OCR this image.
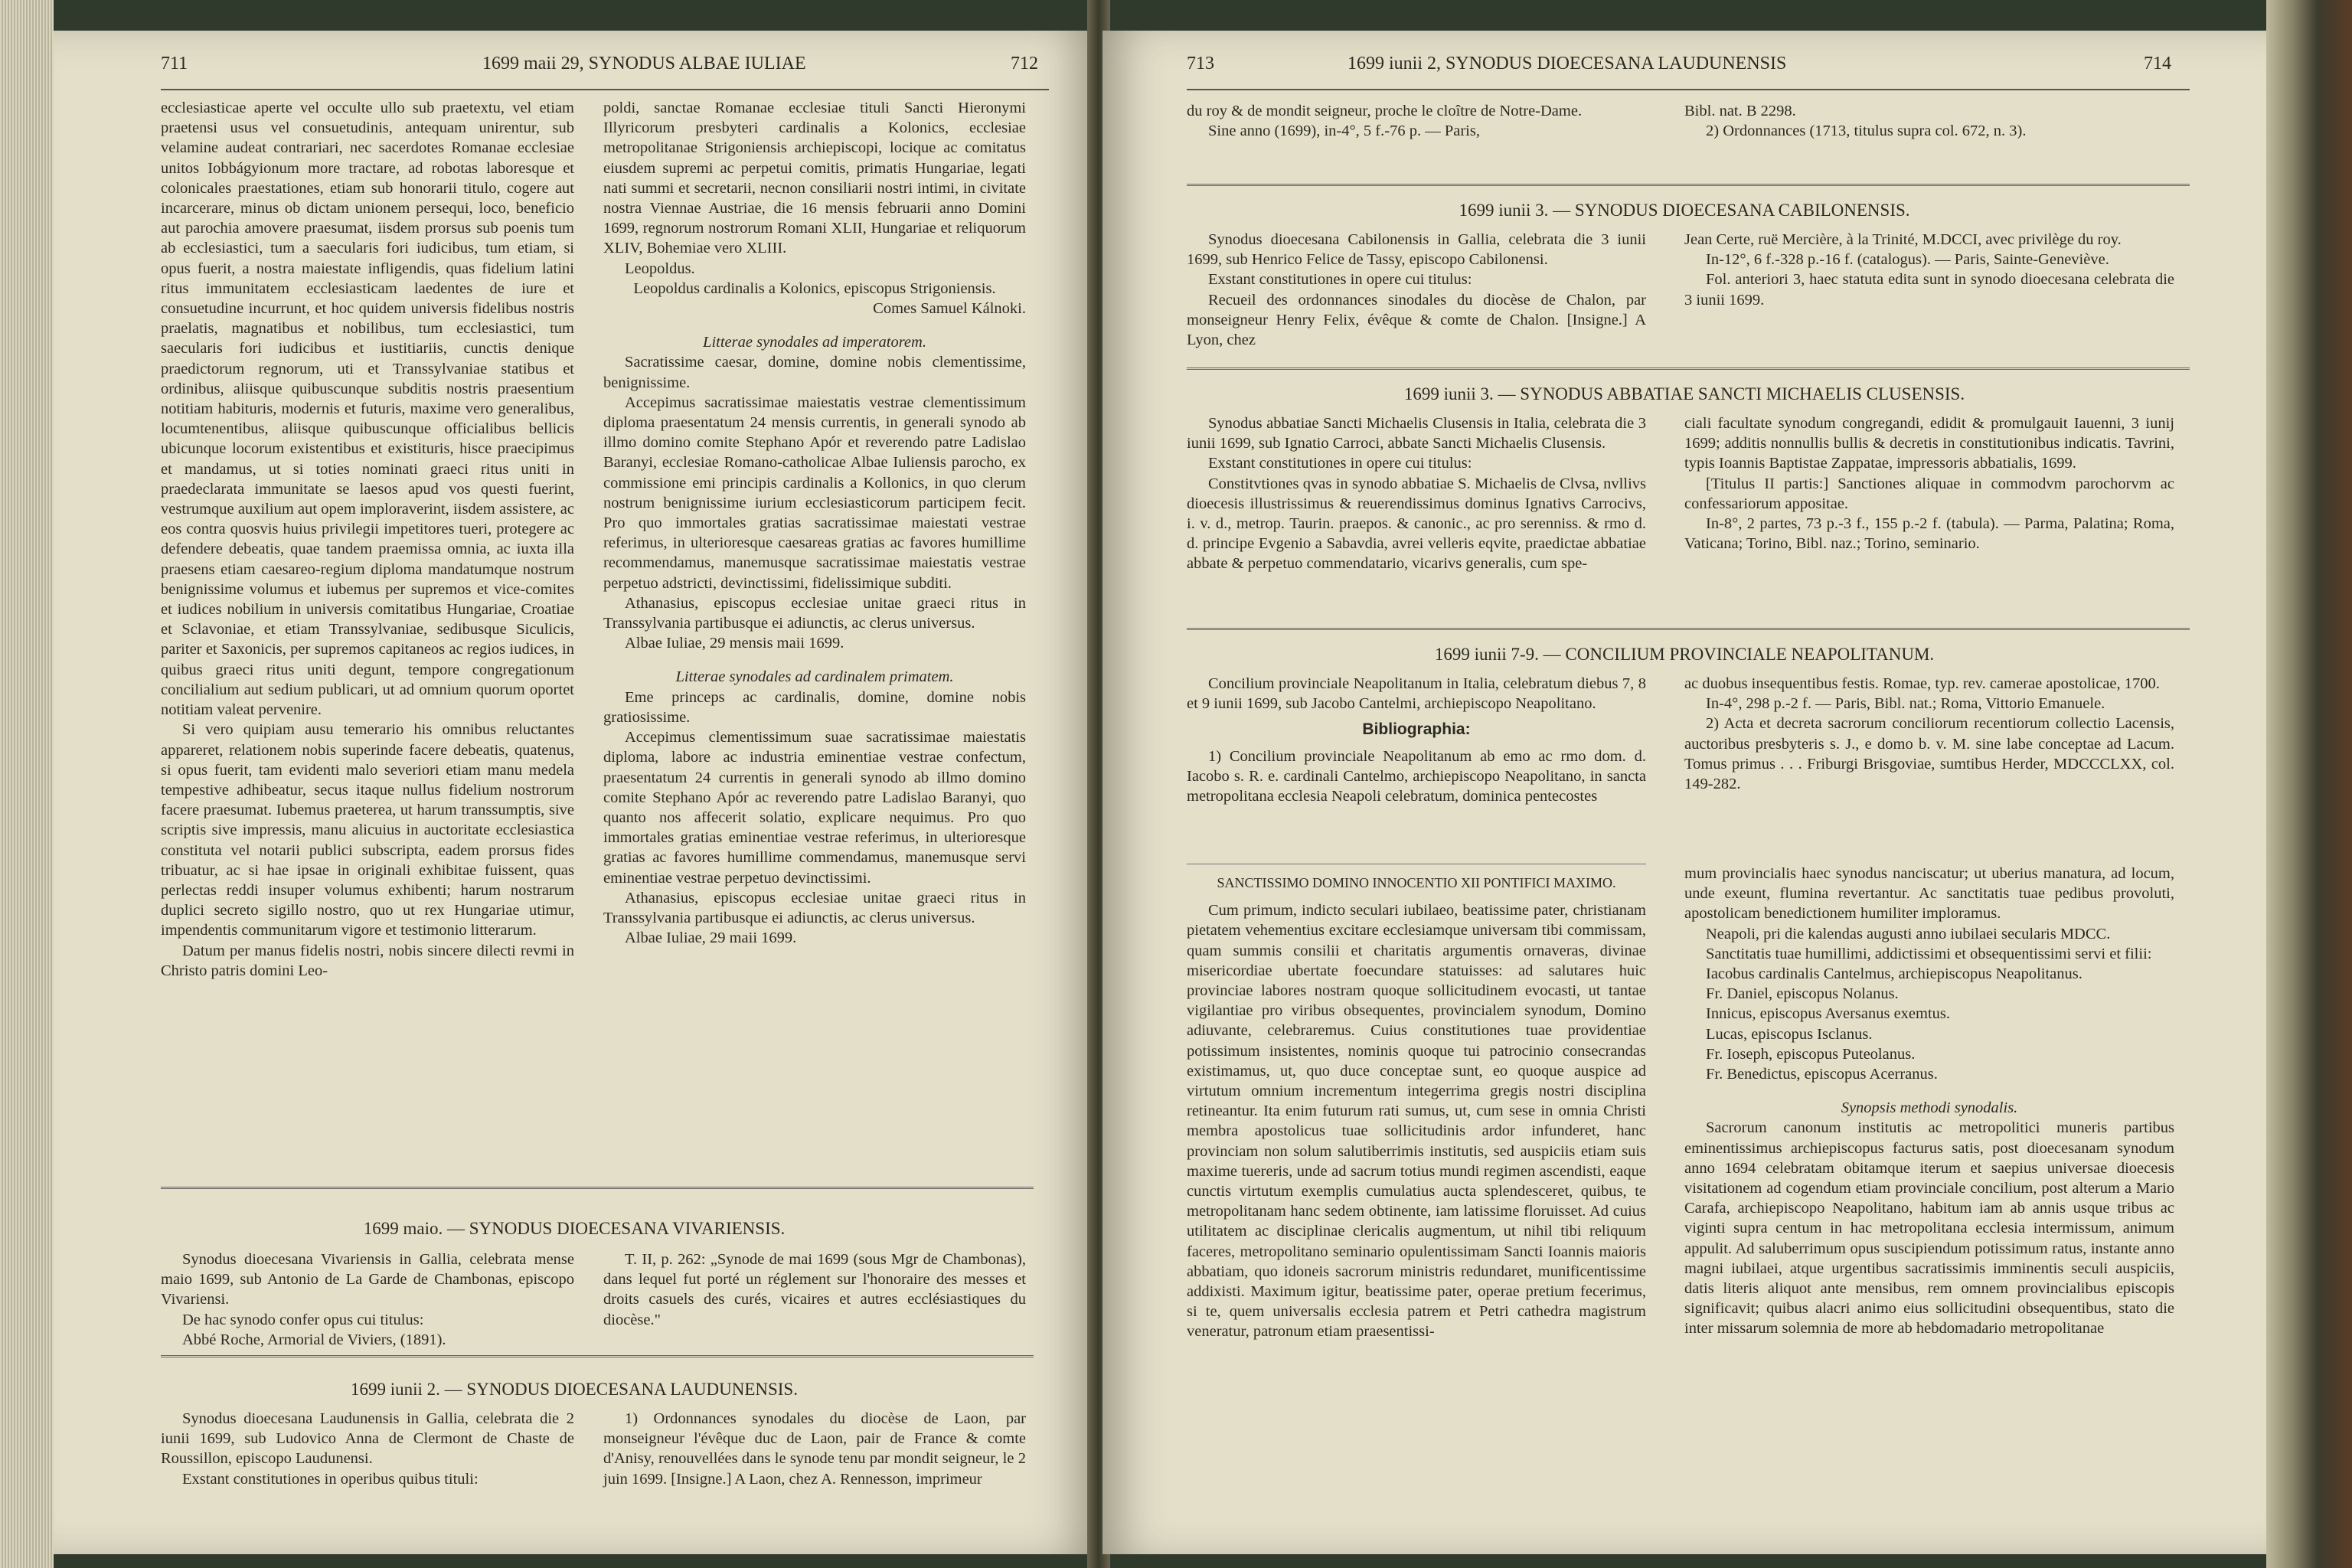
711	1699 maii 29, SYNODUS ALBAE IULIAE	712

ecclesiasticae aperte vel occulte ullo sub praetextu, vel etiam praetensi usus vel consuetudinis, antequam unirentur, sub velamine audeat contrariari, nec sacerdotes Romanae ecclesiae unitos Iobbágyionum more tractare, ad robotas laboresque et colonicales praestationes, etiam sub honorarii titulo, cogere aut incarcerare, minus ob dictam unionem persequi, loco, beneficio aut parochia amovere praesumat, iisdem prorsus sub poenis tum ab ecclesiastici, tum a saecularis fori iudicibus, tum etiam, si opus fuerit, a nostra maiestate infligendis, quas fidelium latini ritus immunitatem ecclesiasticam laedentes de iure et consuetudine incurrunt, et hoc quidem universis fidelibus nostris praelatis, magnatibus et nobilibus, tum ecclesiastici, tum saecularis fori iudicibus et iustitiariis, cunctis denique praedictorum regnorum, uti et Transsylvaniae statibus et ordinibus, aliisque quibuscunque subditis nostris praesentium notitiam habituris, modernis et futuris, maxime vero generalibus, locumtenentibus, aliisque quibuscunque officialibus bellicis ubicunque locorum existentibus et existituris, hisce praecipimus et mandamus, ut si toties nominati graeci ritus uniti in praedeclarata immunitate se laesos apud vos questi fuerint, vestrumque auxilium aut opem imploraverint, iisdem assistere, ac eos contra quosvis huius privilegii impetitores tueri, protegere ac defendere debeatis, quae tandem praemissa omnia, ac iuxta illa praesens etiam caesareo-regium diploma mandatumque nostrum benignissime volumus et iubemus per supremos et vice-comites et iudices nobilium in universis comitatibus Hungariae, Croatiae et Sclavoniae, et etiam Transsylvaniae, sedibusque Siculicis, pariter et Saxonicis, per supremos capitaneos ac regios iudices, in quibus graeci ritus uniti degunt, tempore congregationum concilialium aut sedium publicari, ut ad omnium quorum oportet notitiam valeat pervenire.

Si vero quipiam ausu temerario his omnibus reluctantes appareret, relationem nobis superinde facere debeatis, quatenus, si opus fuerit, tam evidenti malo severiori etiam manu medela tempestive adhibeatur, secus itaque nullus fidelium nostrorum facere praesumat. Iubemus praeterea, ut harum transsumptis, sive scriptis sive impressis, manu alicuius in auctoritate ecclesiastica constituta vel notarii publici subscripta, eadem prorsus fides tribuatur, ac si hae ipsae in originali exhibitae fuissent, quas perlectas reddi insuper volumus exhibenti; harum nostrarum duplici secreto sigillo nostro, quo ut rex Hungariae utimur, impendentis communitarum vigore et testimonio litterarum.

Datum per manus fidelis nostri, nobis sincere dilecti revmi in Christo patris domini Leo-

poldi, sanctae Romanae ecclesiae tituli Sancti Hieronymi Illyricorum presbyteri cardinalis a Kolonics, ecclesiae metropolitanae Strigoniensis archiepiscopi, locique ac comitatus eiusdem supremi ac perpetui comitis, primatis Hungariae, legati nati summi et secretarii, necnon consiliarii nostri intimi, in civitate nostra Viennae Austriae, die 16 mensis februarii anno Domini 1699, regnorum nostrorum Romani XLII, Hungariae et reliquorum XLIV, Bohemiae vero XLIII.

Leopoldus.

Leopoldus cardinalis a Kolonics, episcopus Strigoniensis.

Comes Samuel Kálnoki.

Litterae synodales ad imperatorem.

Sacratissime caesar, domine, domine nobis clementissime, benignissime.

Accepimus sacratissimae maiestatis vestrae clementissimum diploma praesentatum 24 mensis currentis, in generali synodo ab illmo domino comite Stephano Apór et reverendo patre Ladislao Baranyi, ecclesiae Romano-catholicae Albae Iuliensis parocho, ex commissione emi principis cardinalis a Kollonics, in quo clerum nostrum benignissime iurium ecclesiasticorum participem fecit. Pro quo immortales gratias sacratissimae maiestati vestrae referimus, in ulterioresque caesareas gratias ac favores humillime recommendamus, manemusque sacratissimae maiestatis vestrae perpetuo adstricti, devinctissimi, fidelissimique subditi.

Athanasius, episcopus ecclesiae unitae graeci ritus in Transsylvania partibusque ei adiunctis, ac clerus universus.

Albae Iuliae, 29 mensis maii 1699.

Litterae synodales ad cardinalem primatem.

Eme princeps ac cardinalis, domine, domine nobis gratiosissime.

Accepimus clementissimum suae sacratissimae maiestatis diploma, labore ac industria eminentiae vestrae confectum, praesentatum 24 currentis in generali synodo ab illmo domino comite Stephano Apór ac reverendo patre Ladislao Baranyi, quo quanto nos affecerit solatio, explicare nequimus. Pro quo immortales gratias eminentiae vestrae referimus, in ulterioresque gratias ac favores humillime commendamus, manemusque servi eminentiae vestrae perpetuo devinctissimi.

Athanasius, episcopus ecclesiae unitae graeci ritus in Transsylvania partibusque ei adiunctis, ac clerus universus.

Albae Iuliae, 29 maii 1699.

1699 maio. — SYNODUS DIOECESANA VIVARIENSIS.

Synodus dioecesana Vivariensis in Gallia, celebrata mense maio 1699, sub Antonio de La Garde de Chambonas, episcopo Vivariensi.

De hac synodo confer opus cui titulus:

Abbé Roche, Armorial de Viviers, (1891).

T. II, p. 262: „Synode de mai 1699 (sous Mgr de Chambonas), dans lequel fut porté un réglement sur l'honoraire des messes et droits casuels des curés, vicaires et autres ecclésiastiques du diocèse."

1699 iunii 2. — SYNODUS DIOECESANA LAUDUNENSIS.

Synodus dioecesana Laudunensis in Gallia, celebrata die 2 iunii 1699, sub Ludovico Anna de Clermont de Chaste de Roussillon, episcopo Laudunensi.

Exstant constitutiones in operibus quibus tituli:

1) Ordonnances synodales du diocèse de Laon, par monseigneur l'évêque duc de Laon, pair de France & comte d'Anisy, renouvellées dans le synode tenu par mondit seigneur, le 2 juin 1699. [Insigne.] A Laon, chez A. Rennesson, imprimeur

713	1699 iunii 2, SYNODUS DIOECESANA LAUDUNENSIS	714

du roy & de mondit seigneur, proche le cloître de Notre-Dame.

Sine anno (1699), in-4°, 5 f.-76 p. — Paris,

Bibl. nat. B 2298.

2) Ordonnances (1713, titulus supra col. 672, n. 3).

1699 iunii 3. — SYNODUS DIOECESANA CABILONENSIS.

Synodus dioecesana Cabilonensis in Gallia, celebrata die 3 iunii 1699, sub Henrico Felice de Tassy, episcopo Cabilonensi.

Exstant constitutiones in opere cui titulus:

Recueil des ordonnances sinodales du diocèse de Chalon, par monseigneur Henry Felix, évêque & comte de Chalon. [Insigne.] A Lyon, chez

Jean Certe, ruë Mercière, à la Trinité, M.DCCI, avec privilège du roy.

In-12°, 6 f.-328 p.-16 f. (catalogus). — Paris, Sainte-Geneviève.

Fol. anteriori 3, haec statuta edita sunt in synodo dioecesana celebrata die 3 iunii 1699.

1699 iunii 3. — SYNODUS ABBATIAE SANCTI MICHAELIS CLUSENSIS.

Synodus abbatiae Sancti Michaelis Clusensis in Italia, celebrata die 3 iunii 1699, sub Ignatio Carroci, abbate Sancti Michaelis Clusensis.

Exstant constitutiones in opere cui titulus:

Constitvtiones qvas in synodo abbatiae S. Michaelis de Clvsa, nvllivs dioecesis illustrissimus & reuerendissimus dominus Ignativs Carrocivs, i. v. d., metrop. Taurin. praepos. & canonic., ac pro serenniss. & rmo d. d. principe Evgenio a Sabavdia, avrei velleris eqvite, praedictae abbatiae abbate & perpetuo commendatario, vicarivs generalis, cum spe-

ciali facultate synodum congregandi, edidit & promulgauit Iauenni, 3 iunij 1699; additis nonnullis bullis & decretis in constitutionibus indicatis. Tavrini, typis Ioannis Baptistae Zappatae, impressoris abbatialis, 1699.

[Titulus II partis:] Sanctiones aliquae in commodvm parochorvm ac confessariorum appositae.

In-8°, 2 partes, 73 p.-3 f., 155 p.-2 f. (tabula). — Parma, Palatina; Roma, Vaticana; Torino, Bibl. naz.; Torino, seminario.

1699 iunii 7-9. — CONCILIUM PROVINCIALE NEAPOLITANUM.

Concilium provinciale Neapolitanum in Italia, celebratum diebus 7, 8 et 9 iunii 1699, sub Jacobo Cantelmi, archiepiscopo Neapolitano.

Bibliographia:

1) Concilium provinciale Neapolitanum ab emo ac rmo dom. d. Iacobo s. R. e. cardinali Cantelmo, archiepiscopo Neapolitano, in sancta metropolitana ecclesia Neapoli celebratum, dominica pentecostes

ac duobus insequentibus festis. Romae, typ. rev. camerae apostolicae, 1700.

In-4°, 298 p.-2 f. — Paris, Bibl. nat.; Roma, Vittorio Emanuele.

2) Acta et decreta sacrorum conciliorum recentiorum collectio Lacensis, auctoribus presbyteris s. J., e domo b. v. M. sine labe conceptae ad Lacum. Tomus primus . . . Friburgi Brisgoviae, sumtibus Herder, MDCCCLXX, col. 149-282.

SANCTISSIMO DOMINO INNOCENTIO XII PONTIFICI MAXIMO.

Cum primum, indicto seculari iubilaeo, beatissime pater, christianam pietatem vehementius excitare ecclesiamque universam tibi commissam, quam summis consilii et charitatis argumentis ornaveras, divinae misericordiae ubertate foecundare statuisses: ad salutares huic provinciae labores nostram quoque sollicitudinem evocasti, ut tantae vigilantiae pro viribus obsequentes, provincialem synodum, Domino adiuvante, celebraremus. Cuius constitutiones tuae providentiae potissimum insistentes, nominis quoque tui patrocinio consecrandas existimamus, ut, quo duce conceptae sunt, eo quoque auspice ad virtutum omnium incrementum integerrima gregis nostri disciplina retineantur. Ita enim futurum rati sumus, ut, cum sese in omnia Christi membra apostolicus tuae sollicitudinis ardor infunderet, hanc provinciam non solum salutiberrimis institutis, sed auspiciis etiam suis maxime tuereris, unde ad sacrum totius mundi regimen ascendisti, eaque cunctis virtutum exemplis cumulatius aucta splendesceret, quibus, te metropolitanam hanc sedem obtinente, iam latissime floruisset. Ad cuius utilitatem ac disciplinae clericalis augmentum, ut nihil tibi reliquum faceres, metropolitano seminario opulentissimam Sancti Ioannis maioris abbatiam, quo idoneis sacrorum ministris redundaret, munificentissime addixisti. Maximum igitur, beatissime pater, operae pretium fecerimus, si te, quem universalis ecclesia patrem et Petri cathedra magistrum veneratur, patronum etiam praesentissi-

mum provincialis haec synodus nanciscatur; ut uberius manatura, ad locum, unde exeunt, flumina revertantur. Ac sanctitatis tuae pedibus provoluti, apostolicam benedictionem humiliter imploramus.

Neapoli, pri die kalendas augusti anno iubilaei secularis MDCC.

Sanctitatis tuae humillimi, addictissimi et obsequentissimi servi et filii:

Iacobus cardinalis Cantelmus, archiepiscopus Neapolitanus.

Fr. Daniel, episcopus Nolanus.

Innicus, episcopus Aversanus exemtus.

Lucas, episcopus Isclanus.

Fr. Ioseph, episcopus Puteolanus.

Fr. Benedictus, episcopus Acerranus.

Synopsis methodi synodalis.

Sacrorum canonum institutis ac metropolitici muneris partibus eminentissimus archiepiscopus facturus satis, post dioecesanam synodum anno 1694 celebratam obitamque iterum et saepius universae dioecesis visitationem ad cogendum etiam provinciale concilium, post alterum a Mario Carafa, archiepiscopo Neapolitano, habitum iam ab annis usque tribus ac viginti supra centum in hac metropolitana ecclesia intermissum, animum appulit. Ad saluberrimum opus suscipiendum potissimum ratus, instante anno magni iubilaei, atque urgentibus sacratissimis imminentis seculi auspiciis, datis literis aliquot ante mensibus, rem omnem provincialibus episcopis significavit; quibus alacri animo eius sollicitudini obsequentibus, stato die inter missarum solemnia de more ab hebdomadario metropolitanae
